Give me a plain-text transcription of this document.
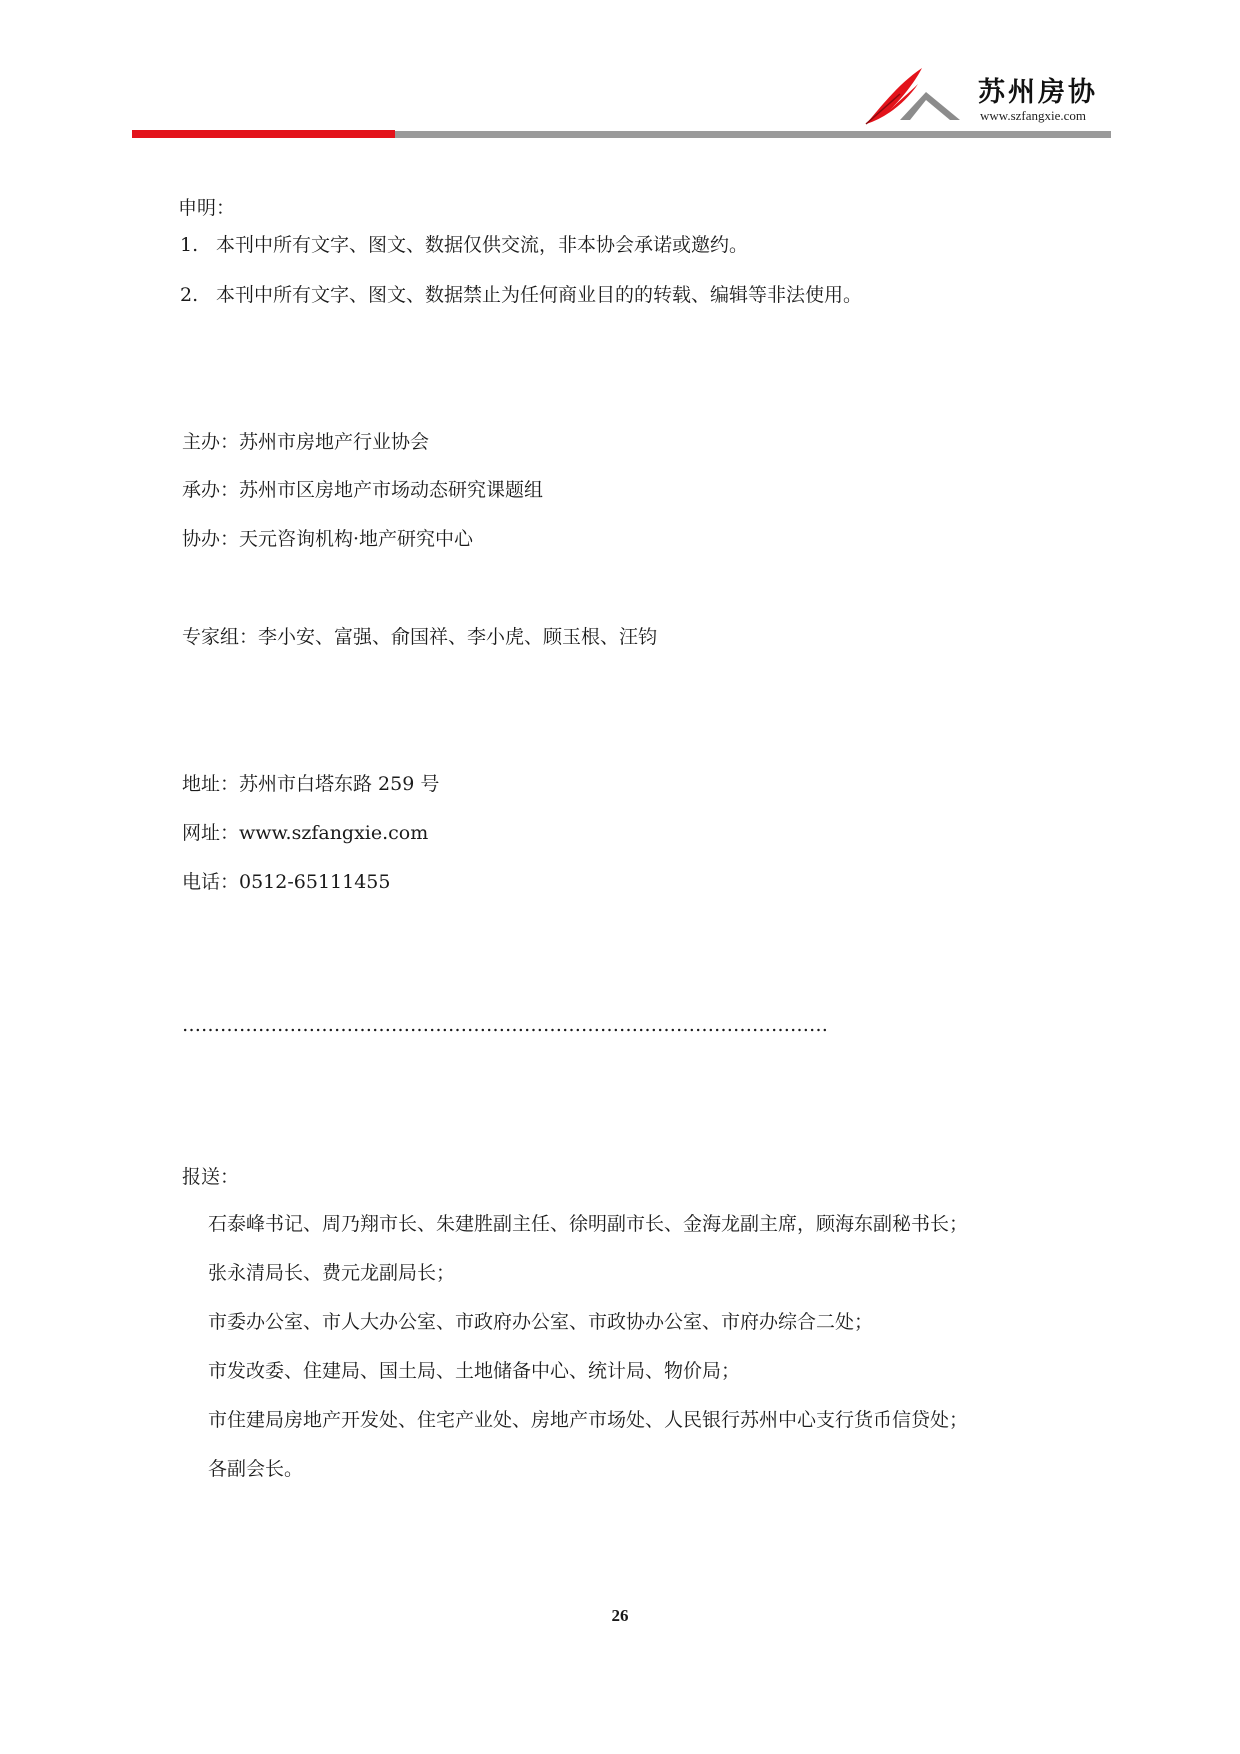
苏州房协
www.szfangxie.com
申明：
1. 本刊中所有文字、图文、数据仅供交流，非本协会承诺或邀约。
2. 本刊中所有文字、图文、数据禁止为任何商业目的的转载、编辑等非法使用。
主办：苏州市房地产行业协会
承办：苏州市区房地产市场动态研究课题组
协办：天元咨询机构·地产研究中心
专家组：李小安、富强、俞国祥、李小虎、顾玉根、汪钧
地址：苏州市白塔东路 259 号
网址：www.szfangxie.com
电话：0512-65111455
…………………………………………………………………………………………
报送：
石泰峰书记、周乃翔市长、朱建胜副主任、徐明副市长、金海龙副主席，顾海东副秘书长；
张永清局长、费元龙副局长；
市委办公室、市人大办公室、市政府办公室、市政协办公室、市府办综合二处；
市发改委、住建局、国土局、土地储备中心、统计局、物价局；
市住建局房地产开发处、住宅产业处、房地产市场处、人民银行苏州中心支行货币信贷处；
各副会长。
26
